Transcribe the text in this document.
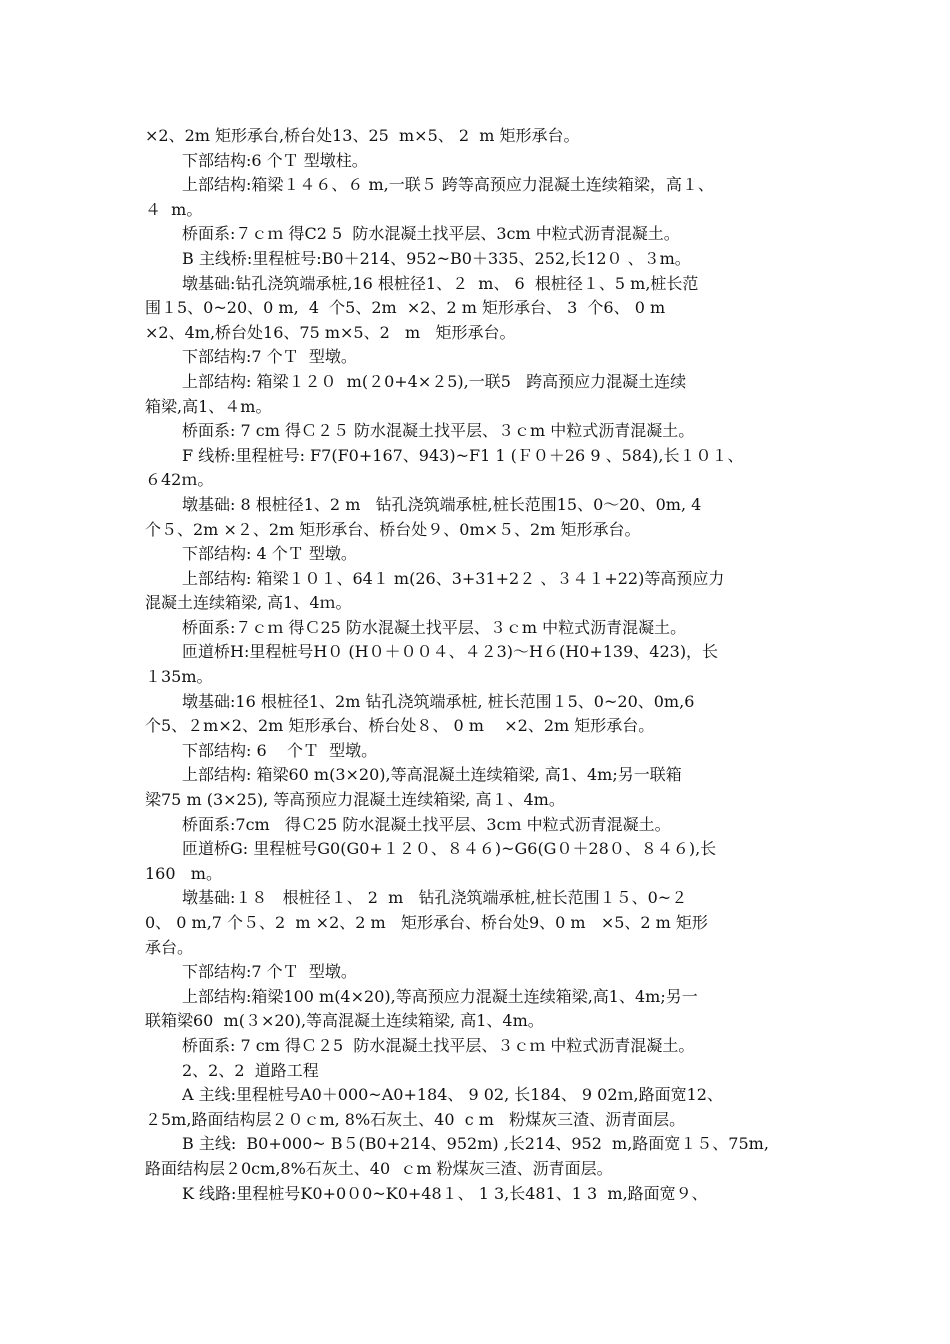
×2、2m 矩形承台,桥台处13、25  m×5、 2  m 矩形承台。
下部结构:6 个Ｔ 型墩柱。
上部结构:箱梁１４６、６ m,一联５ 跨等高预应力混凝土连续箱梁，高１、
４  m。
桥面系:７ｃｍ 得C2 5  防水混凝土找平层、3cm 中粒式沥青混凝土。
B 主线桥:里程桩号:B0＋214、952~B0＋335、252,长12０ 、３m。
墩基础:钻孔浇筑端承桩,16 根桩径1、２  m、 6  根桩径１、5 m,桩长范
围１5、0~20、0 m,  4  个5、2m  ×2、2 m 矩形承台、 3  个6、 0 m
×2、4m,桥台处16、75 m×5、2   m   矩形承台。
下部结构:7 个Ｔ  型墩。
上部结构: 箱梁１２０  m(２0+4×２5),一联5   跨高预应力混凝土连续
箱梁,高1、４m。
桥面系: 7 cm 得Ｃ２５ 防水混凝土找平层、３ｃm 中粒式沥青混凝土。
F 线桥:里程桩号: F7(F0+167、943)~F1 1 (Ｆ０＋26 9 、584),长１０１、
６42ｍ。
墩基础: 8 根桩径1、2 m   钻孔浇筑端承桩,桩长范围15、0～20、0m, 4
个５、2m ×２、2m 矩形承台、桥台处９、0m×５、2m 矩形承台。
下部结构: 4 个Ｔ 型墩。
上部结构: 箱梁１０１、64１ m(26、3+31+2２ 、３４１+22)等高预应力
混凝土连续箱梁, 高1、4ｍ。
桥面系:７ｃｍ 得Ｃ25 防水混凝土找平层、３ｃm 中粒式沥青混凝土。
匝道桥H:里程桩号H０ (H０＋００４、４２3)～H６(H0+139、423)，长
１35m。
墩基础:16 根桩径1、2m 钻孔浇筑端承桩, 桩长范围１5、0~20、0m,6
个5、２m×2、2m 矩形承台、桥台处８、 0 m    ×2、2m 矩形承台。
下部结构: 6    个Ｔ  型墩。
上部结构: 箱梁60 m(3×20),等高混凝土连续箱梁, 高1、4m;另一联箱
梁75 m (3×25), 等高预应力混凝土连续箱梁, 高１、4m。
桥面系:7cm   得Ｃ25 防水混凝土找平层、3cｍ 中粒式沥青混凝土。
匝道桥G: 里程桩号G0(G0+１２０、８４６)~G6(G０＋28０、８４６),长
160   m。
墩基础:１８   根桩径１、 2  m   钻孔浇筑端承桩,桩长范围１５、0~２
0、 0 m,7 个５、2  m ×2、2 m   矩形承台、桥台处9、0 m   ×5、2 m 矩形
承台。
下部结构:7 个Ｔ  型墩。
上部结构:箱梁100 m(4×20),等高预应力混凝土连续箱梁,高1、4m;另一
联箱梁60  m(３×20),等高混凝土连续箱梁, 高1、4m。
桥面系: 7 cm 得Ｃ２5  防水混凝土找平层、３ｃｍ 中粒式沥青混凝土。
2、2、2  道路工程
A 主线:里程桩号A0＋000~A0+184、 9 02, 长184、 9 02ｍ,路面宽12、
２5m,路面结构层２０ｃm, 8%石灰土、40  c m   粉煤灰三渣、沥青面层。
B 主线:  B0+000~ B５(B0+214、952m) ,长214、952  m,路面宽１５、75m,
路面结构层２0cm,8%石灰土、40  ｃm 粉煤灰三渣、沥青面层。
K 线路:里程桩号K0+0０0~K0+48１、 1 3,长481、1 3  m,路面宽９、
